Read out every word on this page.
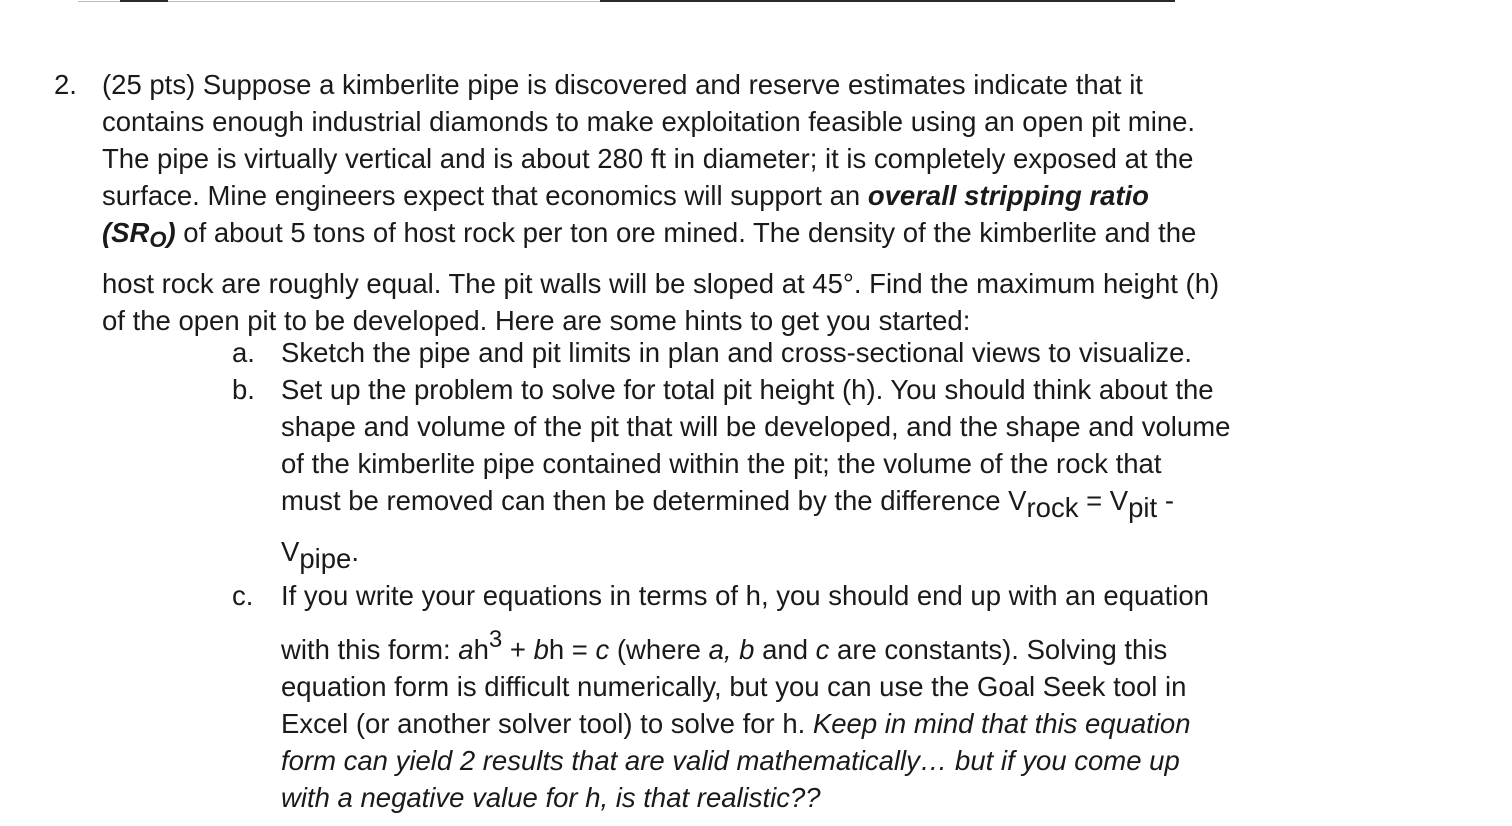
2. (25 pts) Suppose a kimberlite pipe is discovered and reserve estimates indicate that it
contains enough industrial diamonds to make exploitation feasible using an open pit mine.
The pipe is virtually vertical and is about 280 ft in diameter; it is completely exposed at the
surface. Mine engineers expect that economics will support an overall stripping ratio
$(SR_O)$ of about 5 tons of host rock per ton ore mined. The density of the kimberlite and the
host rock are roughly equal. The pit walls will be sloped at 45°. Find the maximum height (h)
of the open pit to be developed. Here are some hints to get you started:
a. Sketch the pipe and pit limits in plan and cross-sectional views to visualize.
b. Set up the problem to solve for total pit height (h). You should think about the
shape and volume of the pit that will be developed, and the shape and volume
of the kimberlite pipe contained within the pit; the volume of the rock that
must be removed can then be determined by the difference Vrock = Vpit -
Vpipe.
c. If you write your equations in terms of h, you should end up with an equation
with this form: ah3 + bh = c (where a, b and c are constants). Solving this
equation form is difficult numerically, but you can use the Goal Seek tool in
Excel (or another solver tool) to solve for h. Keep in mind that this equation
form can yield 2 results that are valid mathematically… but if you come up
with a negative value for h, is that realistic??
